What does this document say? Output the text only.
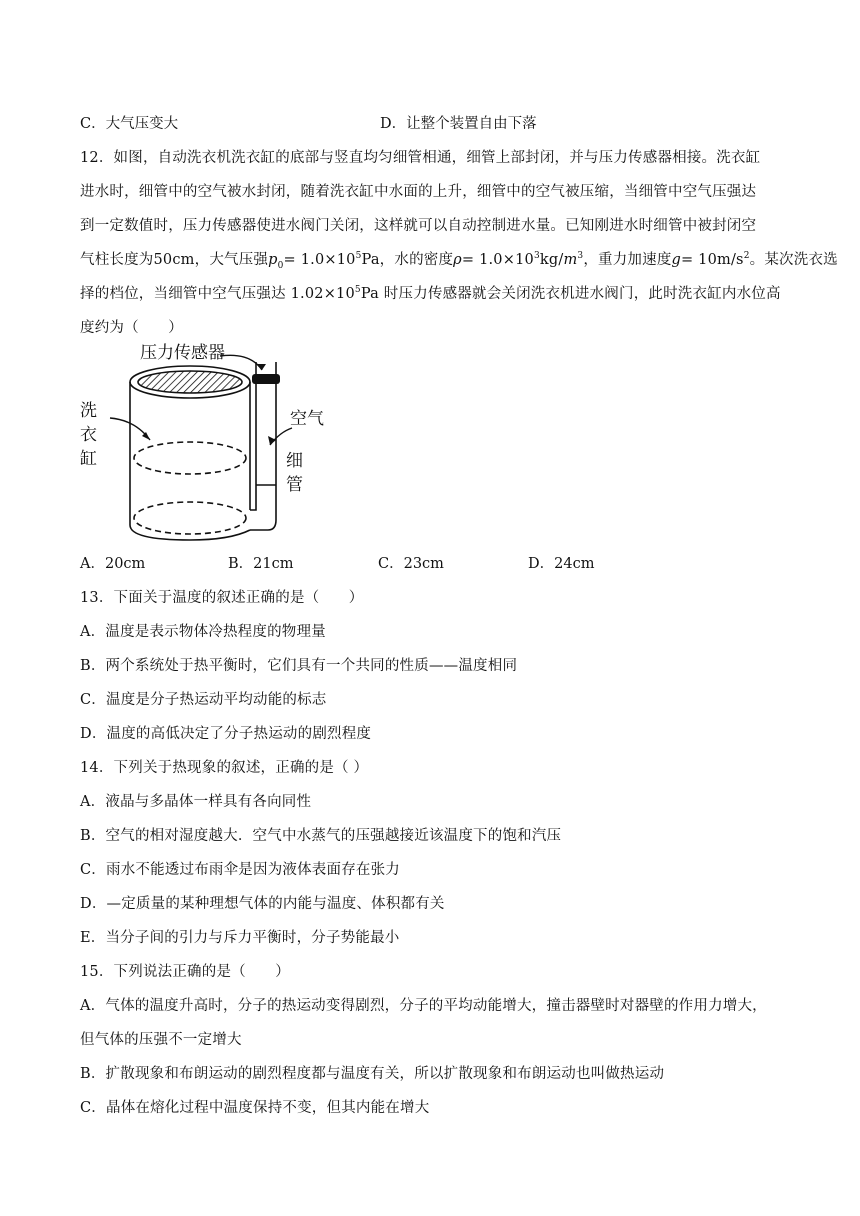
C．大气压变大	D．让整个装置自由下落
12．如图，自动洗衣机洗衣缸的底部与竖直均匀细管相通，细管上部封闭，并与压力传感器相接。洗衣缸
进水时，细管中的空气被水封闭，随着洗衣缸中水面的上升，细管中的空气被压缩，当细管中空气压强达
到一定数值时，压力传感器使进水阀门关闭，这样就可以自动控制进水量。已知刚进水时细管中被封闭空
气柱长度为50cm，大气压强$p_0= 1.0\times 10^5Pa$，水的密度$\rho= 1.0\times 10^3kg/m^3$，重力加速度$g= 10m/s^2$。某次洗衣选
择的档位，当细管中空气压强达 $1.02\times 10^5Pa$ 时压力传感器就会关闭洗衣机进水阀门，此时洗衣缸内水位高
度约为（　　）
压力传感器
洗
衣
缸
空气
细
管
A．20cm	B．21cm	C．23cm	D．24cm
13．下面关于温度的叙述正确的是（　　）
A．温度是表示物体冷热程度的物理量
B．两个系统处于热平衡时，它们具有一个共同的性质——温度相同
C．温度是分子热运动平均动能的标志
D．温度的高低决定了分子热运动的剧烈程度
14．下列关于热现象的叙述，正确的是（ ）
A．液晶与多晶体一样具有各向同性
B．空气的相对湿度越大．空气中水蒸气的压强越接近该温度下的饱和汽压
C．雨水不能透过布雨伞是因为液体表面存在张力
D．—定质量的某种理想气体的内能与温度、体积都有关
E．当分子间的引力与斥力平衡时，分子势能最小
15．下列说法正确的是（　　）
A．气体的温度升高时，分子的热运动变得剧烈，分子的平均动能增大，撞击器壁时对器壁的作用力增大，
但气体的压强不一定增大
B．扩散现象和布朗运动的剧烈程度都与温度有关，所以扩散现象和布朗运动也叫做热运动
C．晶体在熔化过程中温度保持不变，但其内能在增大
